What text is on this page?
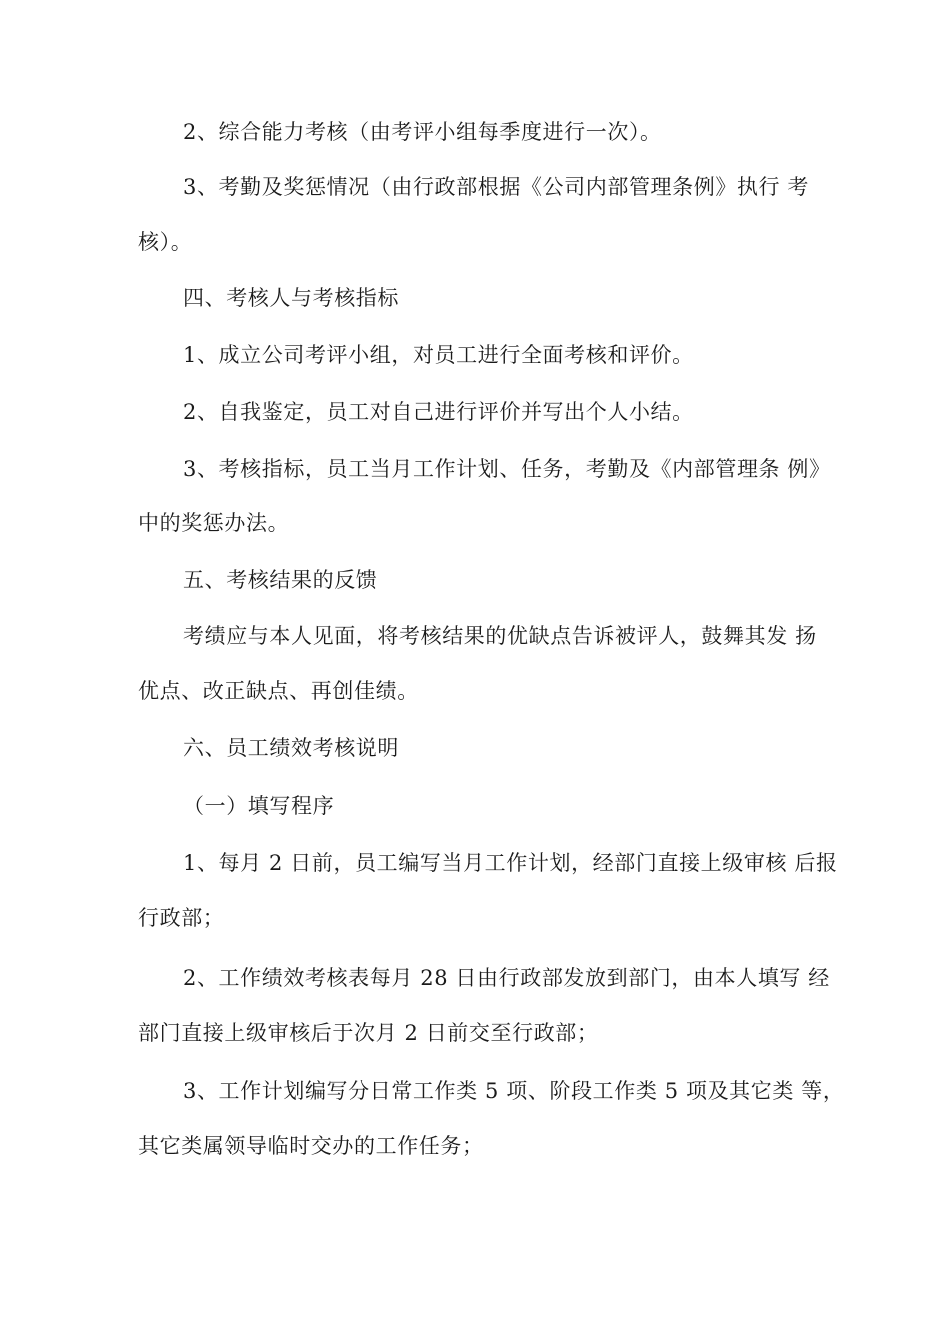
2、综合能力考核（由考评小组每季度进行一次）。
3、考勤及奖惩情况（由行政部根据《公司内部管理条例》执行 考
核）。
四、考核人与考核指标
1、成立公司考评小组，对员工进行全面考核和评价。
2、自我鉴定，员工对自己进行评价并写出个人小结。
3、考核指标，员工当月工作计划、任务，考勤及《内部管理条 例》
中的奖惩办法。
五、考核结果的反馈
考绩应与本人见面，将考核结果的优缺点告诉被评人，鼓舞其发 扬
优点、改正缺点、再创佳绩。
六、员工绩效考核说明
（一）填写程序
1、每月 2 日前，员工编写当月工作计划，经部门直接上级审核 后报
行政部；
2、工作绩效考核表每月 28 日由行政部发放到部门，由本人填写 经
部门直接上级审核后于次月 2 日前交至行政部；
3、工作计划编写分日常工作类 5 项、阶段工作类 5 项及其它类 等，
其它类属领导临时交办的工作任务；
